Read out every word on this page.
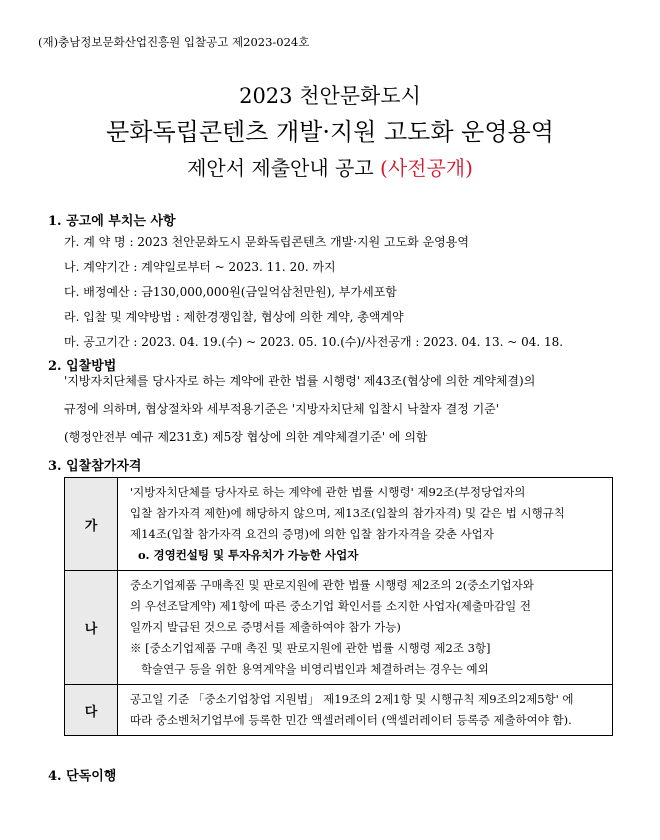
(재)충남정보문화산업진흥원 입찰공고 제2023-024호
2023 천안문화도시
문화독립콘텐츠 개발·지원 고도화 운영용역
제안서 제출안내 공고 (사전공개)
1. 공고에 부치는 사항
가. 계 약 명 : 2023 천안문화도시 문화독립콘텐츠 개발·지원 고도화 운영용역
나. 계약기간 : 계약일로부터 ~ 2023. 11. 20. 까지
다. 배정예산 : 금130,000,000원(금일억삼천만원), 부가세포함
라. 입찰 및 계약방법 : 제한경쟁입찰, 협상에 의한 계약, 총액계약
마. 공고기간 : 2023. 04. 19.(수) ~ 2023. 05. 10.(수)/사전공개 : 2023. 04. 13. ~ 04. 18.
2. 입찰방법
'지방자치단체를 당사자로 하는 계약에 관한 법률 시행령' 제43조(협상에 의한 계약체결)의
규정에 의하며, 협상절차와 세부적용기준은 '지방자치단체 입찰시 낙찰자 결정 기준'
(행정안전부 예규 제231호) 제5장 협상에 의한 계약체결기준' 에 의함
3. 입찰참가자격
가	'지방자치단체를 당사자로 하는 계약에 관한 법률 시행령' 제92조(부정당업자의
입찰 참가자격 제한)에 해당하지 않으며, 제13조(입찰의 참가자격) 및 같은 법 시행규칙
제14조(입찰 참가자격 요건의 증명)에 의한 입찰 참가자격을 갖춘 사업자
o. 경영컨설팅 및 투자유치가 가능한 사업자

나	중소기업제품 구매촉진 및 판로지원에 관한 법률 시행령 제2조의 2(중소기업자와
의 우선조달계약) 제1항에 따른 중소기업 확인서를 소지한 사업자(제출마감일 전
일까지 발급된 것으로 증명서를 제출하여야 참가 가능)
※ [중소기업제품 구매 촉진 및 판로지원에 관한 법률 시행령 제2조 3항]
학술연구 등을 위한 용역계약을 비영리법인과 체결하려는 경우는 예외

다	공고일 기준 「중소기업창업 지원법」 제19조의 2제1항 및 시행규칙 제9조의2제5항' 에
따라 중소벤처기업부에 등록한 민간 액셀러레이터 (액셀러레이터 등록증 제출하여야 함).
4. 단독이행
